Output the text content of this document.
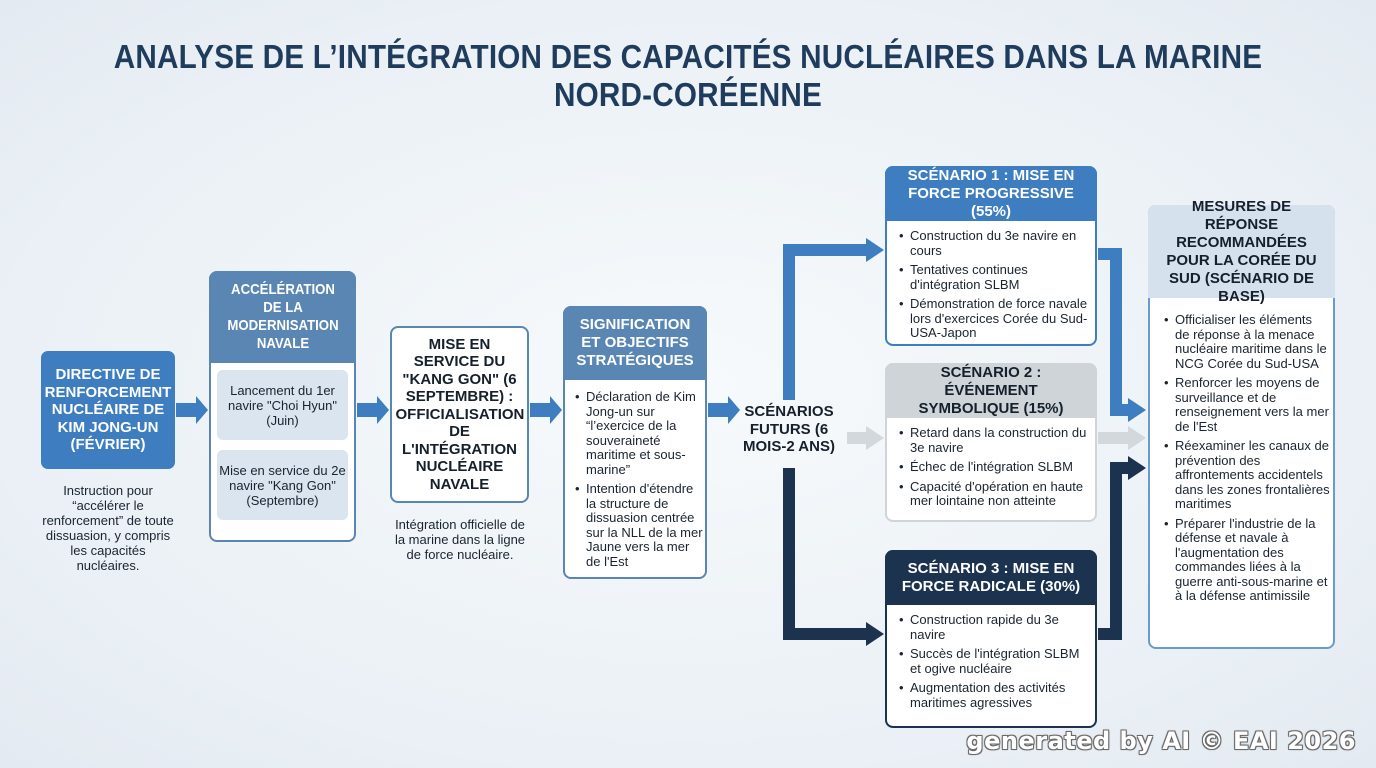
ANALYSE DE L’INTÉGRATION DES CAPACITÉS NUCLÉAIRES DANS LA MARINE NORD-CORÉENNE
DIRECTIVE DE RENFORCEMENT NUCLÉAIRE DE KIM JONG-UN (FÉVRIER)
Instruction pour “accélérer le renforcement” de toute dissuasion, y compris les capacités nucléaires.
ACCÉLÉRATION DE LA MODERNISATION NAVALE
Lancement du 1er navire "Choi Hyun" (Juin)
Mise en service du 2e navire "Kang Gon" (Septembre)
MISE EN SERVICE DU "KANG GON" (6 SEPTEMBRE) : OFFICIALISATION DE L'INTÉGRATION NUCLÉAIRE NAVALE
Intégration officielle de la marine dans la ligne de force nucléaire.
SIGNIFICATION ET OBJECTIFS STRATÉGIQUES
• Déclaration de Kim Jong-un sur “l’exercice de la souveraineté maritime et sous-marine”
• Intention d'étendre la structure de dissuasion centrée sur la NLL de la mer Jaune vers la mer de l'Est
SCÉNARIOS FUTURS (6 MOIS-2 ANS)
SCÉNARIO 1 : MISE EN FORCE PROGRESSIVE (55%)
• Construction du 3e navire en cours
• Tentatives continues d'intégration SLBM
• Démonstration de force navale lors d'exercices Corée du Sud-USA-Japon
SCÉNARIO 2 : ÉVÉNEMENT SYMBOLIQUE (15%)
• Retard dans la construction du 3e navire
• Échec de l'intégration SLBM
• Capacité d'opération en haute mer lointaine non atteinte
SCÉNARIO 3 : MISE EN FORCE RADICALE (30%)
• Construction rapide du 3e navire
• Succès de l'intégration SLBM et ogive nucléaire
• Augmentation des activités maritimes agressives
MESURES DE RÉPONSE RECOMMANDÉES POUR LA CORÉE DU SUD (SCÉNARIO DE BASE)
• Officialiser les éléments de réponse à la menace nucléaire maritime dans le NCG Corée du Sud-USA
• Renforcer les moyens de surveillance et de renseignement vers la mer de l'Est
• Réexaminer les canaux de prévention des affrontements accidentels dans les zones frontalières maritimes
• Préparer l'industrie de la défense et navale à l'augmentation des commandes liées à la guerre anti-sous-marine et à la défense antimissile
generated by AI © EAI 2026
